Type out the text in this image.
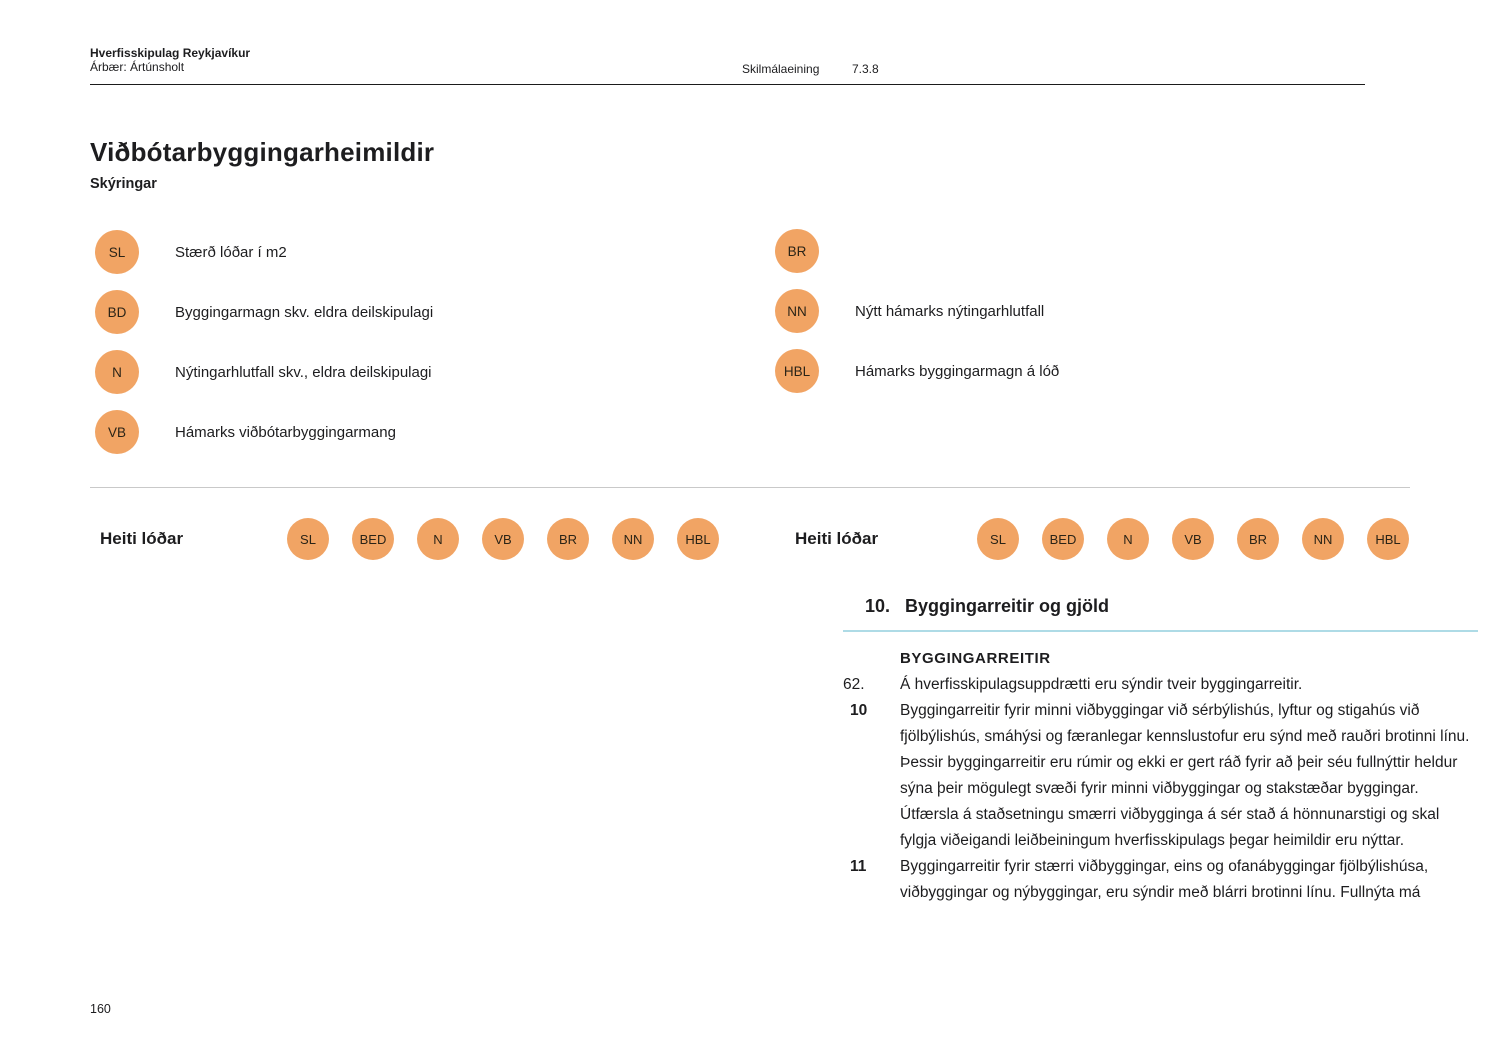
Hverfisskipulag Reykjavíkur
Árbær: Ártúnsholt	Skilmálaeining	7.3.8
Viðbótarbyggingarheimildir
Skýringar
SL	Stærð lóðar í m2
BD	Byggingarmagn skv. eldra deilskipulagi
N	Nýtingarhlutfall skv., eldra deilskipulagi
VB	Hámarks viðbótarbyggingarmang
BR
NN	Nýtt hámarks nýtingarhlutfall
HBL	Hámarks byggingarmagn á lóð
Heiti lóðar	SL	BED	N	VB	BR	NN	HBL	Heiti lóðar	SL	BED	N	VB	BR	NN	HBL
10. Byggingarreitir og gjöld
BYGGINGARREITIR
62.	Á hverfisskipulagsuppdrætti eru sýndir tveir byggingarreitir.
10	Byggingarreitir fyrir minni viðbyggingar við sérbýlishús, lyftur og stigahús við fjölbýlishús, smáhýsi og færanlegar kennslustofur eru sýnd með rauðri brotinni línu. Þessir byggingarreitir eru rúmir og ekki er gert ráð fyrir að þeir séu fullnýttir heldur sýna þeir mögulegt svæði fyrir minni viðbyggingar og stakstæðar byggingar. Útfærsla á staðsetningu smærri viðbygginga á sér stað á hönnunarstigi og skal fylgja viðeigandi leiðbeiningum hverfisskipulags þegar heimildir eru nýttar.
11	Byggingarreitir fyrir stærri viðbyggingar, eins og ofanábyggingar fjölbýlishúsa, viðbyggingar og nýbyggingar, eru sýndir með blárri brotinni línu. Fullnýta má
160
